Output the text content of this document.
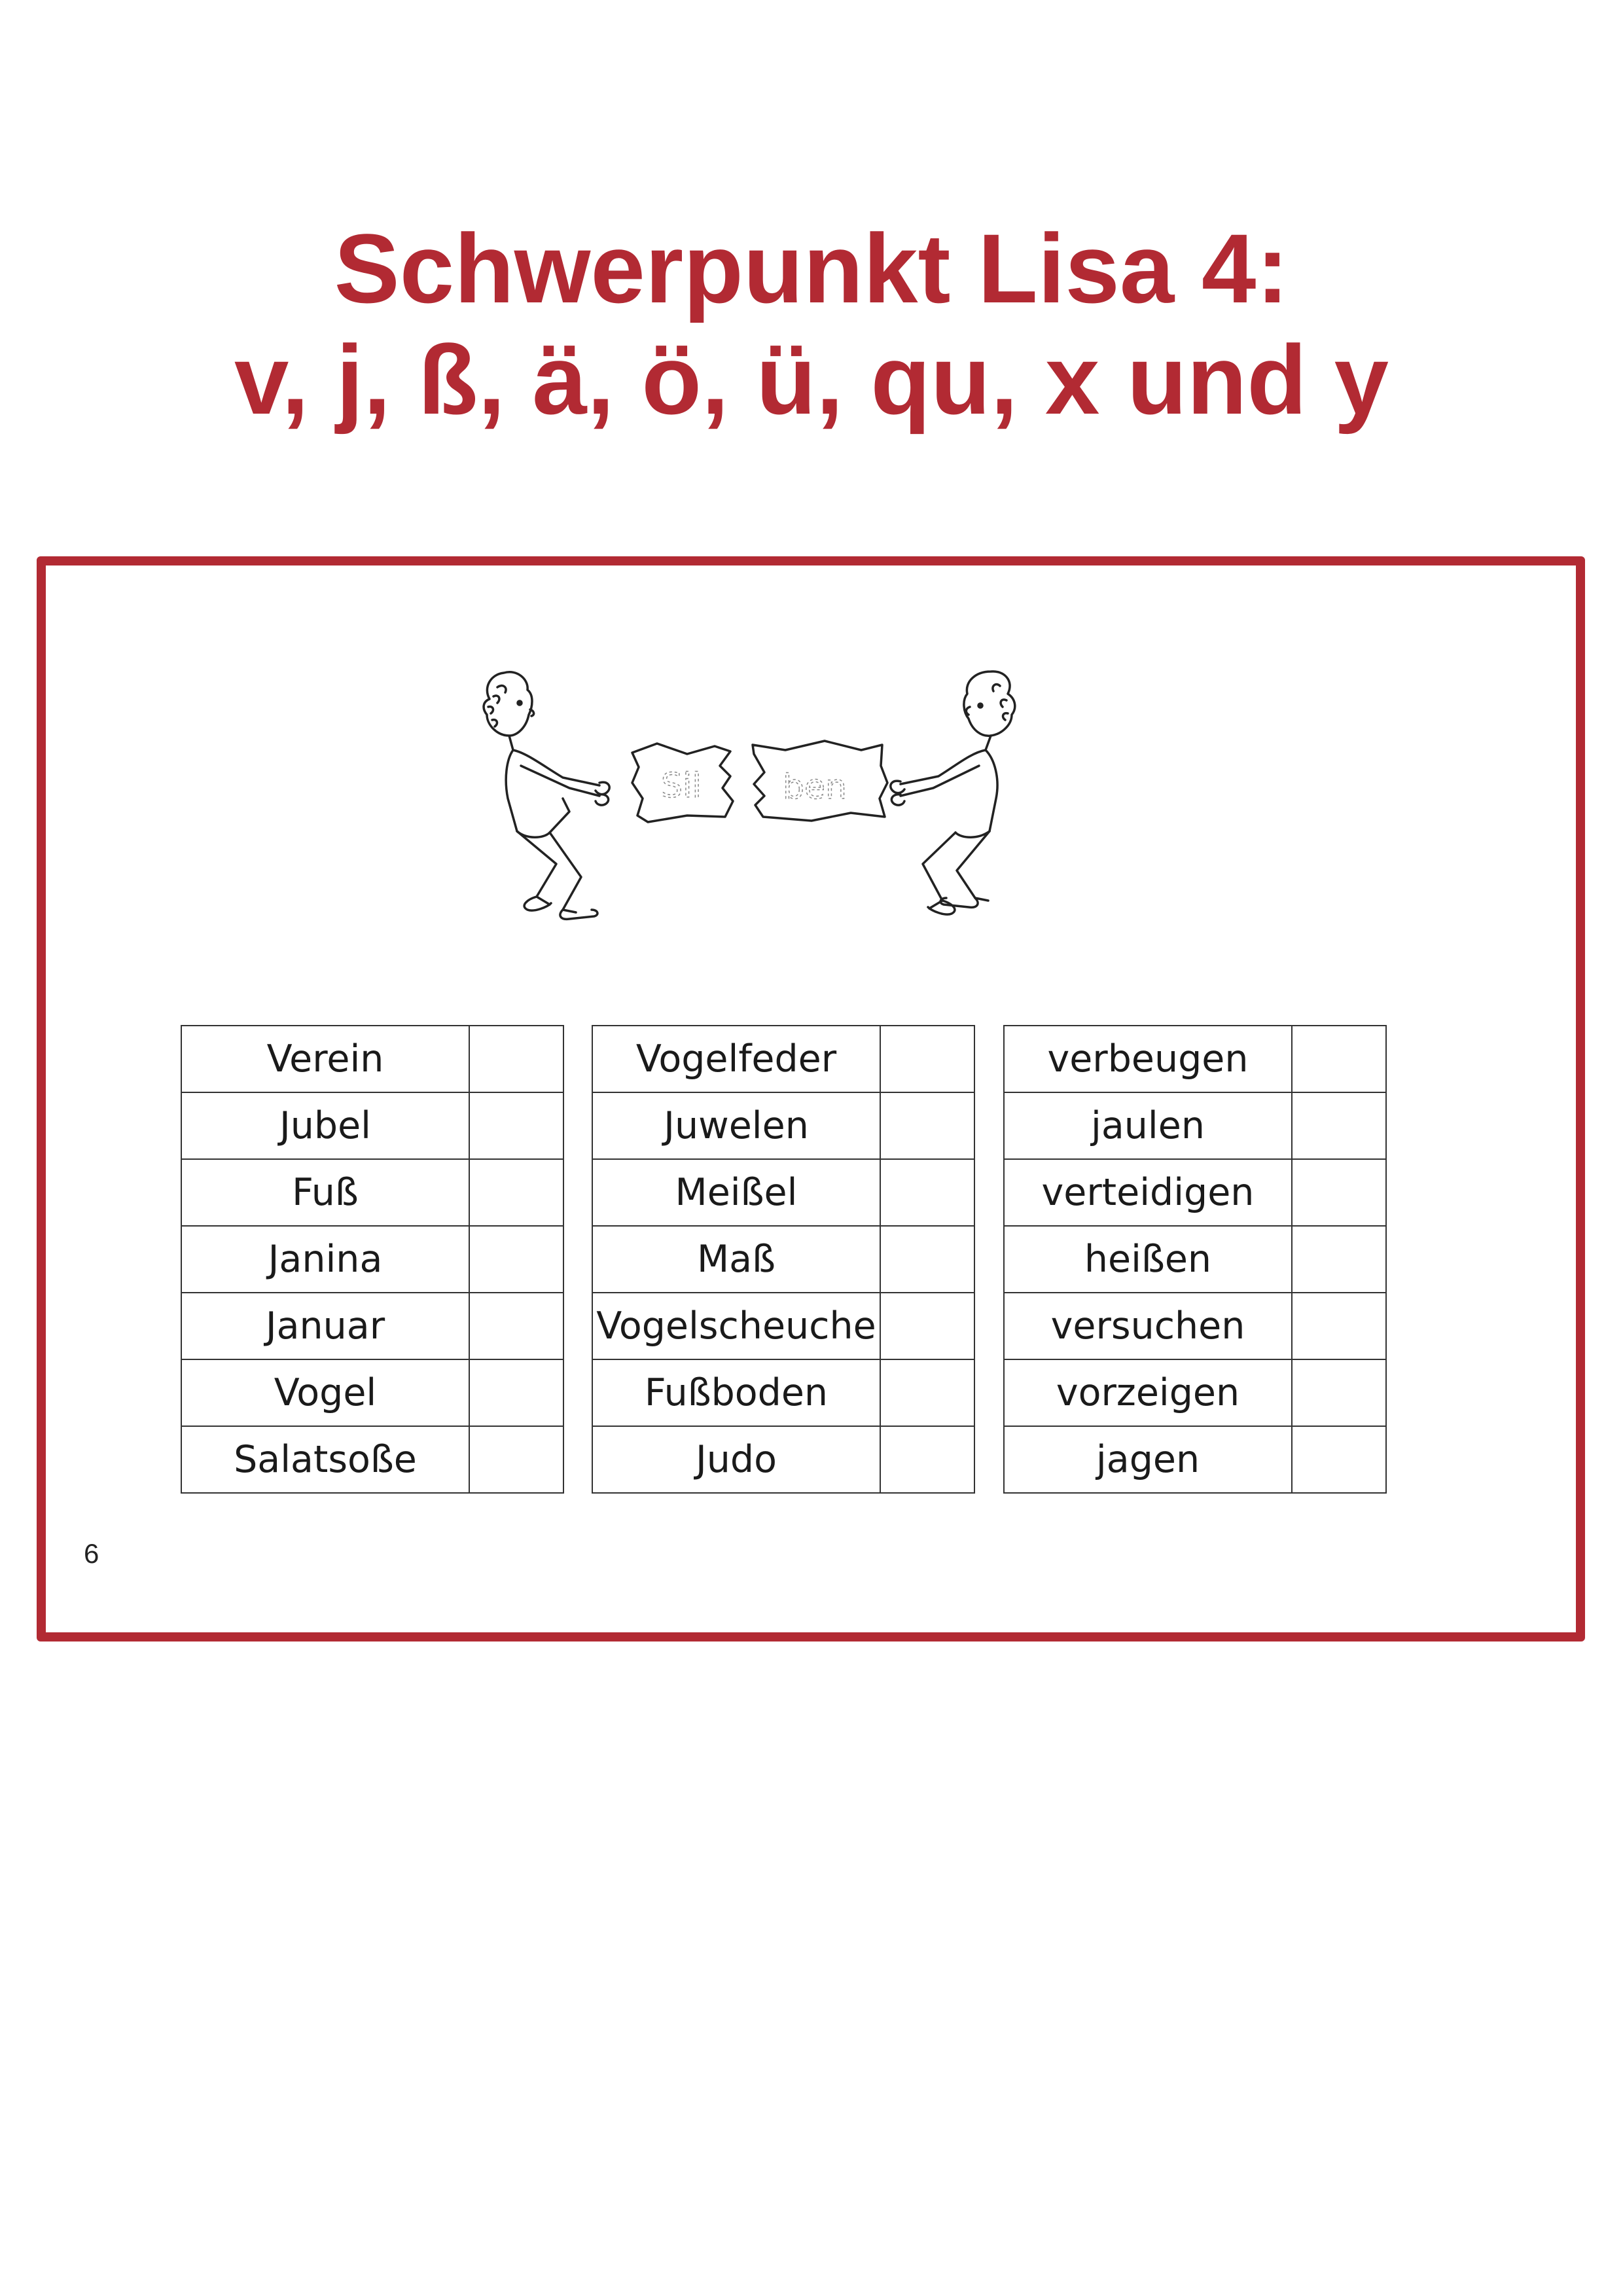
Schwerpunkt Lisa 4:
v, j, ß, ä, ö, ü, qu, x und y
Sil ben
Verein	
Jubel	
Fuß	
Janina	
Januar	
Vogel	
Salatsoße	
Vogelfeder	
Juwelen	
Meißel	
Maß	
Vogelscheuche	
Fußboden	
Judo	
verbeugen	
jaulen	
verteidigen	
heißen	
versuchen	
vorzeigen	
jagen	
6
